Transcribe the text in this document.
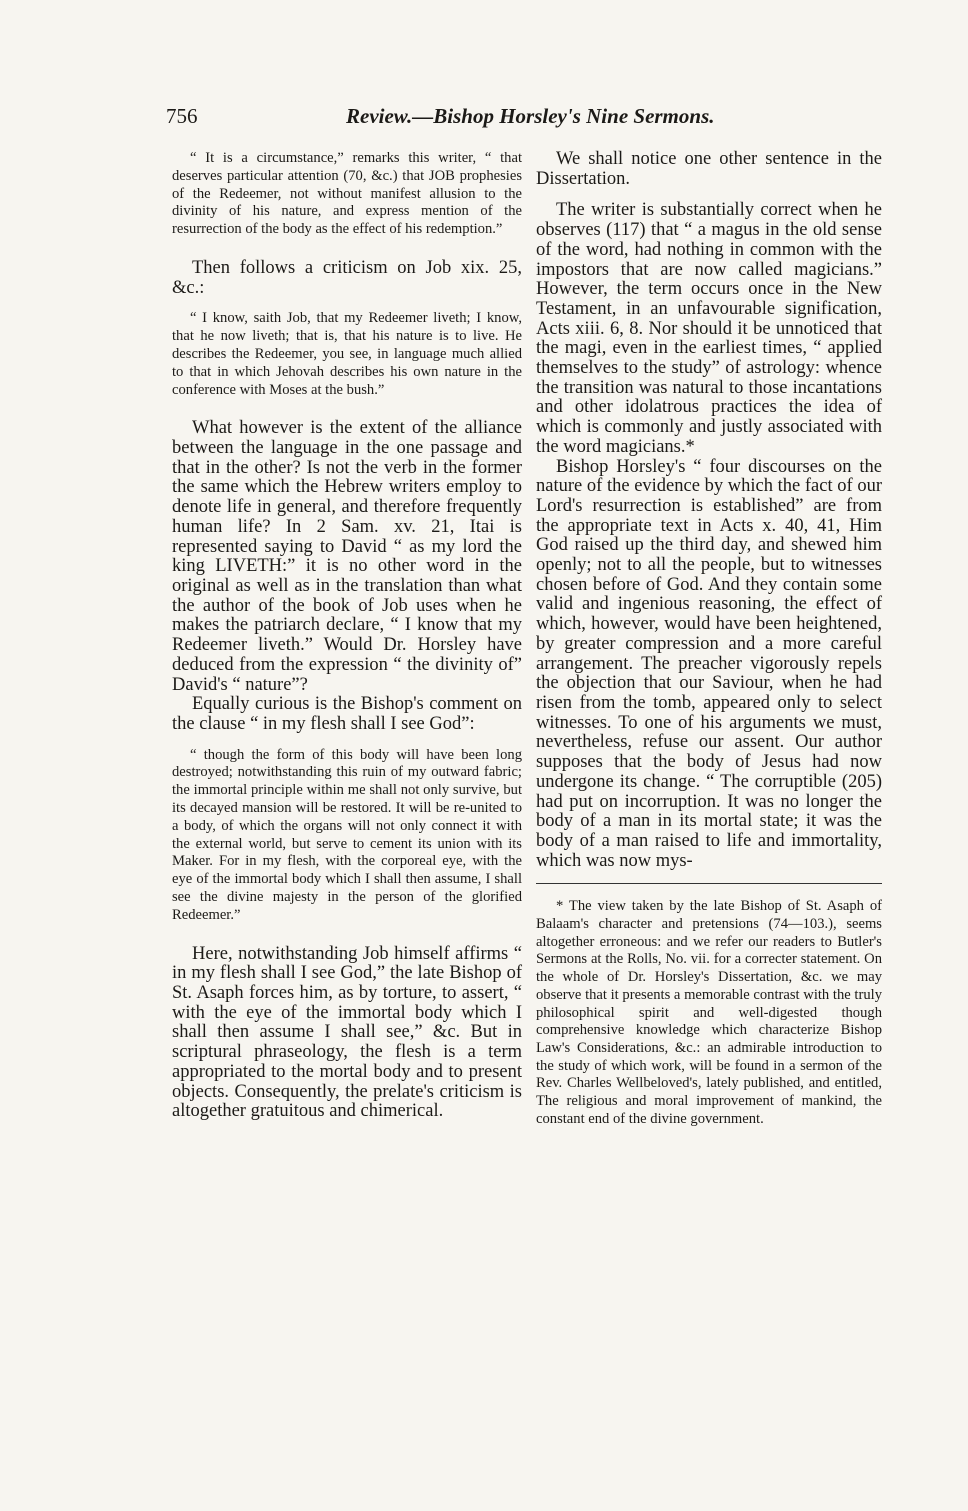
756	Review.—Bishop Horsley's Nine Sermons.

“ It is a circumstance,” remarks this writer, “ that deserves particular attention (70, &c.) that JOB prophesies of the Redeemer, not without manifest allusion to the divinity of his nature, and express mention of the resurrection of the body as the effect of his redemption.”

Then follows a criticism on Job xix. 25, &c.:

“ I know, saith Job, that my Redeemer liveth; I know, that he now liveth; that is, that his nature is to live. He describes the Redeemer, you see, in language much allied to that in which Jehovah describes his own nature in the conference with Moses at the bush.”

What however is the extent of the alliance between the language in the one passage and that in the other? Is not the verb in the former the same which the Hebrew writers employ to denote life in general, and therefore frequently human life? In 2 Sam. xv. 21, Itai is represented saying to David “ as my lord the king LIVETH:” it is no other word in the original as well as in the translation than what the author of the book of Job uses when he makes the patriarch declare, “ I know that my Redeemer liveth.” Would Dr. Horsley have deduced from the expression “ the divinity of” David's “ nature”?

Equally curious is the Bishop's comment on the clause “ in my flesh shall I see God”:

“ though the form of this body will have been long destroyed; notwithstanding this ruin of my outward fabric; the immortal principle within me shall not only survive, but its decayed mansion will be restored. It will be re-united to a body, of which the organs will not only connect it with the external world, but serve to cement its union with its Maker. For in my flesh, with the corporeal eye, with the eye of the immortal body which I shall then assume, I shall see the divine majesty in the person of the glorified Redeemer.”

Here, notwithstanding Job himself affirms “ in my flesh shall I see God,” the late Bishop of St. Asaph forces him, as by torture, to assert, “ with the eye of the immortal body which I shall then assume I shall see,” &c. But in scriptural phraseology, the flesh is a term appropriated to the mortal body and to present objects. Consequently, the prelate's criticism is altogether gratuitous and chimerical.

We shall notice one other sentence in the Dissertation.

The writer is substantially correct when he observes (117) that “ a magus in the old sense of the word, had nothing in common with the impostors that are now called magicians.” However, the term occurs once in the New Testament, in an unfavourable signification, Acts xiii. 6, 8. Nor should it be unnoticed that the magi, even in the earliest times, “ applied themselves to the study” of astrology: whence the transition was natural to those incantations and other idolatrous practices the idea of which is commonly and justly associated with the word magicians.*

Bishop Horsley's “ four discourses on the nature of the evidence by which the fact of our Lord's resurrection is established” are from the appropriate text in Acts x. 40, 41, Him God raised up the third day, and shewed him openly; not to all the people, but to witnesses chosen before of God. And they contain some valid and ingenious reasoning, the effect of which, however, would have been heightened, by greater compression and a more careful arrangement. The preacher vigorously repels the objection that our Saviour, when he had risen from the tomb, appeared only to select witnesses. To one of his arguments we must, nevertheless, refuse our assent. Our author supposes that the body of Jesus had now undergone its change. “ The corruptible (205) had put on incorruption. It was no longer the body of a man in its mortal state; it was the body of a man raised to life and immortality, which was now mys-

* The view taken by the late Bishop of St. Asaph of Balaam's character and pretensions (74—103.), seems altogether erroneous: and we refer our readers to Butler's Sermons at the Rolls, No. vii. for a correcter statement. On the whole of Dr. Horsley's Dissertation, &c. we may observe that it presents a memorable contrast with the truly philosophical spirit and well-digested though comprehensive knowledge which characterize Bishop Law's Considerations, &c.: an admirable introduction to the study of which work, will be found in a sermon of the Rev. Charles Wellbeloved's, lately published, and entitled, The religious and moral improvement of mankind, the constant end of the divine government.
